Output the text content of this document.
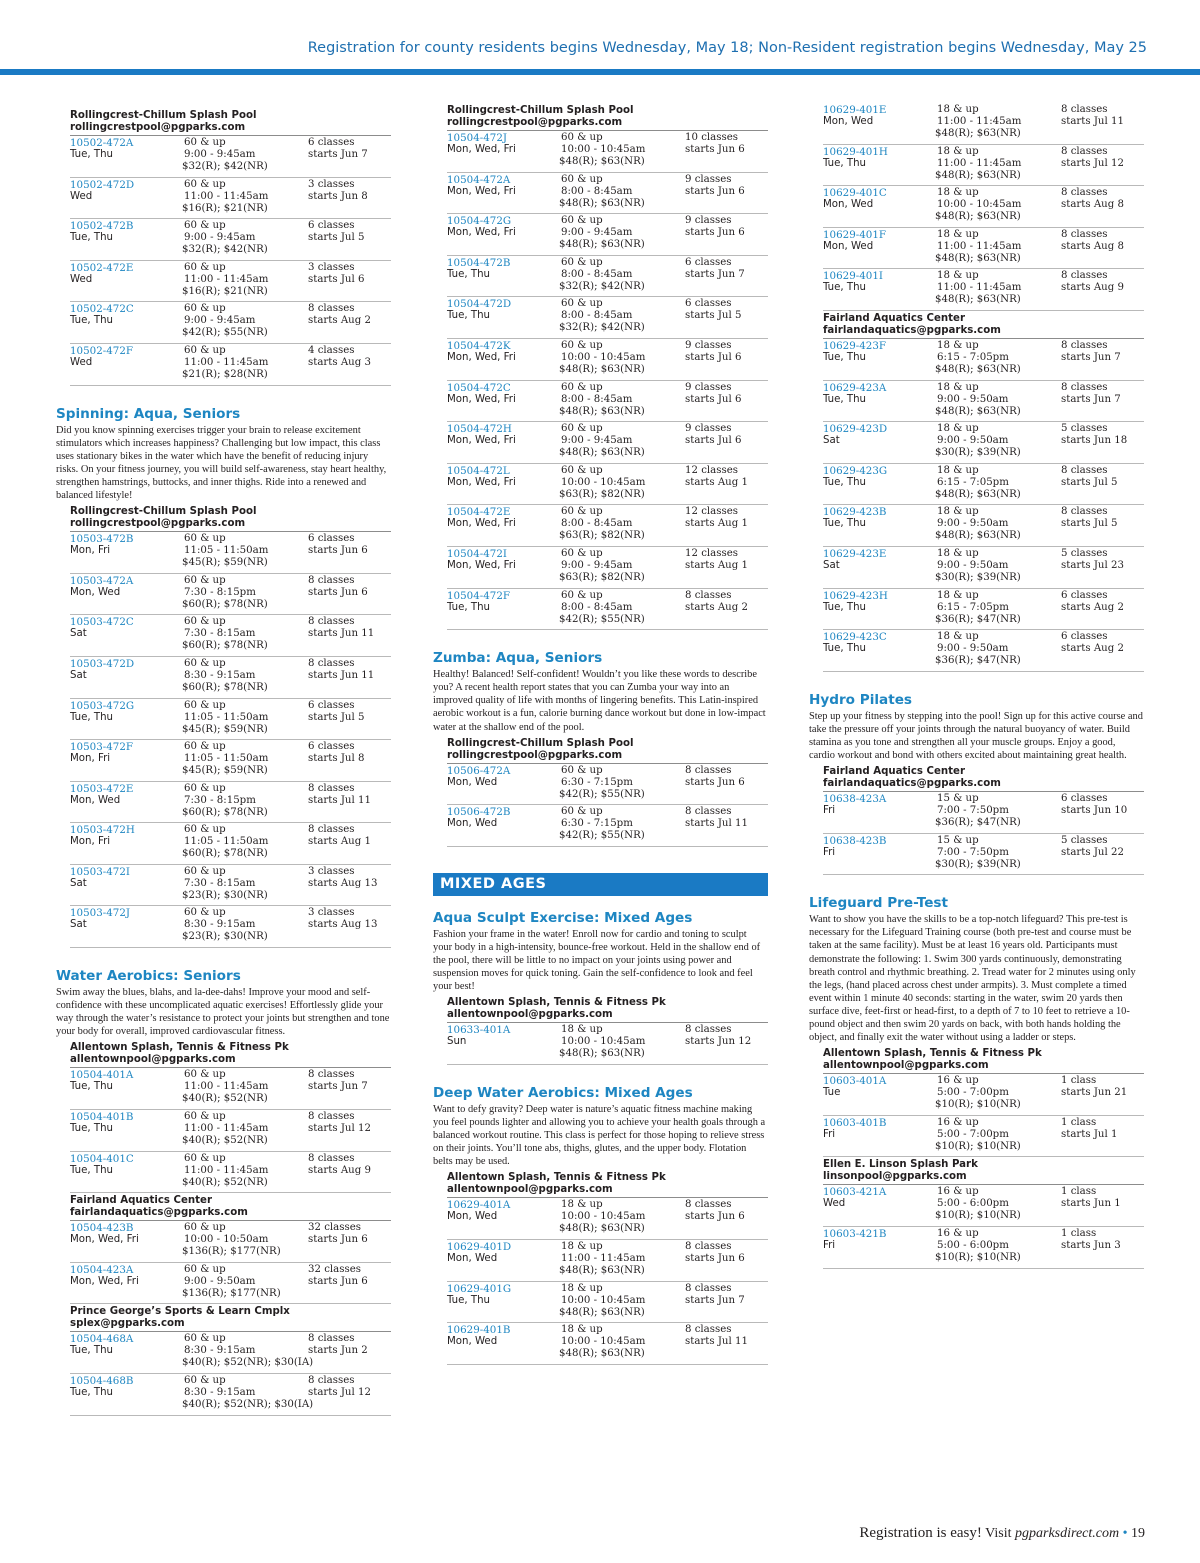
Registration for county residents begins Wednesday, May 18; Non-Resident registration begins Wednesday, May 25
Rollingcrest-Chillum Splash Pool
rollingcrestpool@pgparks.com
10502-472A
Tue, Thu
60 & up
9:00 - 9:45am
$32(R); $42(NR)
6 classes
starts Jun 7
10502-472D
Wed
60 & up
11:00 - 11:45am
$16(R); $21(NR)
3 classes
starts Jun 8
10502-472B
Tue, Thu
60 & up
9:00 - 9:45am
$32(R); $42(NR)
6 classes
starts Jul 5
10502-472E
Wed
60 & up
11:00 - 11:45am
$16(R); $21(NR)
3 classes
starts Jul 6
10502-472C
Tue, Thu
60 & up
9:00 - 9:45am
$42(R); $55(NR)
8 classes
starts Aug 2
10502-472F
Wed
60 & up
11:00 - 11:45am
$21(R); $28(NR)
4 classes
starts Aug 3
Spinning: Aqua, Seniors
Did you know spinning exercises trigger your brain to release excitement stimulators which increases happiness? Challenging but low impact, this class uses stationary bikes in the water which have the benefit of reducing injury risks. On your fitness journey, you will build self-awareness, stay heart healthy, strengthen hamstrings, buttocks, and inner thighs. Ride into a renewed and balanced lifestyle!
Rollingcrest-Chillum Splash Pool
rollingcrestpool@pgparks.com
10503-472B
Mon, Fri
60 & up
11:05 - 11:50am
$45(R); $59(NR)
6 classes
starts Jun 6
10503-472A
Mon, Wed
60 & up
7:30 - 8:15pm
$60(R); $78(NR)
8 classes
starts Jun 6
10503-472C
Sat
60 & up
7:30 - 8:15am
$60(R); $78(NR)
8 classes
starts Jun 11
10503-472D
Sat
60 & up
8:30 - 9:15am
$60(R); $78(NR)
8 classes
starts Jun 11
10503-472G
Tue, Thu
60 & up
11:05 - 11:50am
$45(R); $59(NR)
6 classes
starts Jul 5
10503-472F
Mon, Fri
60 & up
11:05 - 11:50am
$45(R); $59(NR)
6 classes
starts Jul 8
10503-472E
Mon, Wed
60 & up
7:30 - 8:15pm
$60(R); $78(NR)
8 classes
starts Jul 11
10503-472H
Mon, Fri
60 & up
11:05 - 11:50am
$60(R); $78(NR)
8 classes
starts Aug 1
10503-472I
Sat
60 & up
7:30 - 8:15am
$23(R); $30(NR)
3 classes
starts Aug 13
10503-472J
Sat
60 & up
8:30 - 9:15am
$23(R); $30(NR)
3 classes
starts Aug 13
Water Aerobics: Seniors
Swim away the blues, blahs, and la-dee-dahs! Improve your mood and self-confidence with these uncomplicated aquatic exercises! Effortlessly glide your way through the water’s resistance to protect your joints but strengthen and tone your body for overall, improved cardiovascular fitness.
Allentown Splash, Tennis & Fitness Pk
allentownpool@pgparks.com
10504-401A
Tue, Thu
60 & up
11:00 - 11:45am
$40(R); $52(NR)
8 classes
starts Jun 7
10504-401B
Tue, Thu
60 & up
11:00 - 11:45am
$40(R); $52(NR)
8 classes
starts Jul 12
10504-401C
Tue, Thu
60 & up
11:00 - 11:45am
$40(R); $52(NR)
8 classes
starts Aug 9
Fairland Aquatics Centerfairlandaquatics@pgparks.com
10504-423B
Mon, Wed, Fri
60 & up
10:00 - 10:50am
$136(R); $177(NR)
32 classes
starts Jun 6
10504-423A
Mon, Wed, Fri
60 & up
9:00 - 9:50am
$136(R); $177(NR)
32 classes
starts Jun 6
Prince George’s Sports & Learn Cmplx
splex@pgparks.com
10504-468A
Tue, Thu
60 & up
8:30 - 9:15am
$40(R); $52(NR); $30(IA)
8 classes
starts Jun 2
10504-468B
Tue, Thu
60 & up
8:30 - 9:15am
$40(R); $52(NR); $30(IA)
8 classes
starts Jul 12
Rollingcrest-Chillum Splash Pool
rollingcrestpool@pgparks.com
10504-472J
Mon, Wed, Fri
60 & up
10:00 - 10:45am
$48(R); $63(NR)
10 classes
starts Jun 6
10504-472A
Mon, Wed, Fri
60 & up
8:00 - 8:45am
$48(R); $63(NR)
9 classes
starts Jun 6
10504-472G
Mon, Wed, Fri
60 & up
9:00 - 9:45am
$48(R); $63(NR)
9 classes
starts Jun 6
10504-472B
Tue, Thu
60 & up
8:00 - 8:45am
$32(R); $42(NR)
6 classes
starts Jun 7
10504-472D
Tue, Thu
60 & up
8:00 - 8:45am
$32(R); $42(NR)
6 classes
starts Jul 5
10504-472K
Mon, Wed, Fri
60 & up
10:00 - 10:45am
$48(R); $63(NR)
9 classes
starts Jul 6
10504-472C
Mon, Wed, Fri
60 & up
8:00 - 8:45am
$48(R); $63(NR)
9 classes
starts Jul 6
10504-472H
Mon, Wed, Fri
60 & up
9:00 - 9:45am
$48(R); $63(NR)
9 classes
starts Jul 6
10504-472L
Mon, Wed, Fri
60 & up
10:00 - 10:45am
$63(R); $82(NR)
12 classes
starts Aug 1
10504-472E
Mon, Wed, Fri
60 & up
8:00 - 8:45am
$63(R); $82(NR)
12 classes
starts Aug 1
10504-472I
Mon, Wed, Fri
60 & up
9:00 - 9:45am
$63(R); $82(NR)
12 classes
starts Aug 1
10504-472F
Tue, Thu
60 & up
8:00 - 8:45am
$42(R); $55(NR)
8 classes
starts Aug 2
Zumba: Aqua, Seniors
Healthy! Balanced! Self-confident! Wouldn’t you like these words to describe you? A recent health report states that you can Zumba your way into an improved quality of life with months of lingering benefits. This Latin-inspired aerobic workout is a fun, calorie burning dance workout but done in low-impact water at the shallow end of the pool.
Rollingcrest-Chillum Splash Pool
rollingcrestpool@pgparks.com
10506-472A
Mon, Wed
60 & up
6:30 - 7:15pm
$42(R); $55(NR)
8 classes
starts Jun 6
10506-472B
Mon, Wed
60 & up
6:30 - 7:15pm
$42(R); $55(NR)
8 classes
starts Jul 11
MIXED AGES
Aqua Sculpt Exercise: Mixed Ages
Fashion your frame in the water! Enroll now for cardio and toning to sculpt your body in a high-intensity, bounce-free workout. Held in the shallow end of the pool, there will be little to no impact on your joints using power and suspension moves for quick toning. Gain the self-confidence to look and feel your best!
Allentown Splash, Tennis & Fitness Pk
allentownpool@pgparks.com
10633-401A
Sun
18 & up
10:00 - 10:45am
$48(R); $63(NR)
8 classes
starts Jun 12
Deep Water Aerobics: Mixed Ages
Want to defy gravity? Deep water is nature’s aquatic fitness machine making you feel pounds lighter and allowing you to achieve your health goals through a balanced workout routine. This class is perfect for those hoping to relieve stress on their joints. You’ll tone abs, thighs, glutes, and the upper body. Flotation belts may be used.
Allentown Splash, Tennis & Fitness Pk
allentownpool@pgparks.com
10629-401A
Mon, Wed
18 & up
10:00 - 10:45am
$48(R); $63(NR)
8 classes
starts Jun 6
10629-401D
Mon, Wed
18 & up
11:00 - 11:45am
$48(R); $63(NR)
8 classes
starts Jun 6
10629-401G
Tue, Thu
18 & up
10:00 - 10:45am
$48(R); $63(NR)
8 classes
starts Jun 7
10629-401B
Mon, Wed
18 & up
10:00 - 10:45am
$48(R); $63(NR)
8 classes
starts Jul 11
10629-401E
Mon, Wed
18 & up
11:00 - 11:45am
$48(R); $63(NR)
8 classes
starts Jul 11
10629-401H
Tue, Thu
18 & up
11:00 - 11:45am
$48(R); $63(NR)
8 classes
starts Jul 12
10629-401C
Mon, Wed
18 & up
10:00 - 10:45am
$48(R); $63(NR)
8 classes
starts Aug 8
10629-401F
Mon, Wed
18 & up
11:00 - 11:45am
$48(R); $63(NR)
8 classes
starts Aug 8
10629-401I
Tue, Thu
18 & up
11:00 - 11:45am
$48(R); $63(NR)
8 classes
starts Aug 9
Fairland Aquatics Centerfairlandaquatics@pgparks.com
10629-423F
Tue, Thu
18 & up
6:15 - 7:05pm
$48(R); $63(NR)
8 classes
starts Jun 7
10629-423A
Tue, Thu
18 & up
9:00 - 9:50am
$48(R); $63(NR)
8 classes
starts Jun 7
10629-423D
Sat
18 & up
9:00 - 9:50am
$30(R); $39(NR)
5 classes
starts Jun 18
10629-423G
Tue, Thu
18 & up
6:15 - 7:05pm
$48(R); $63(NR)
8 classes
starts Jul 5
10629-423B
Tue, Thu
18 & up
9:00 - 9:50am
$48(R); $63(NR)
8 classes
starts Jul 5
10629-423E
Sat
18 & up
9:00 - 9:50am
$30(R); $39(NR)
5 classes
starts Jul 23
10629-423H
Tue, Thu
18 & up
6:15 - 7:05pm
$36(R); $47(NR)
6 classes
starts Aug 2
10629-423C
Tue, Thu
18 & up
9:00 - 9:50am
$36(R); $47(NR)
6 classes
starts Aug 2
Hydro Pilates
Step up your fitness by stepping into the pool! Sign up for this active course and take the pressure off your joints through the natural buoyancy of water. Build stamina as you tone and strengthen all your muscle groups. Enjoy a good, cardio workout and bond with others excited about maintaining great health.
Fairland Aquatics Centerfairlandaquatics@pgparks.com
10638-423A
Fri
15 & up
7:00 - 7:50pm
$36(R); $47(NR)
6 classes
starts Jun 10
10638-423B
Fri
15 & up
7:00 - 7:50pm
$30(R); $39(NR)
5 classes
starts Jul 22
Lifeguard Pre-Test
Want to show you have the skills to be a top-notch lifeguard? This pre-test is necessary for the Lifeguard Training course (both pre-test and course must be taken at the same facility). Must be at least 16 years old. Participants must demonstrate the following: 1. Swim 300 yards continuously, demonstrating breath control and rhythmic breathing. 2. Tread water for 2 minutes using only the legs, (hand placed across chest under armpits). 3. Must complete a timed event within 1 minute 40 seconds: starting in the water, swim 20 yards then surface dive, feet-first or head-first, to a depth of 7 to 10 feet to retrieve a 10-pound object and then swim 20 yards on back, with both hands holding the object, and finally exit the water without using a ladder or steps.
Allentown Splash, Tennis & Fitness Pk
allentownpool@pgparks.com
10603-401A
Tue
16 & up
5:00 - 7:00pm
$10(R); $10(NR)
1 class
starts Jun 21
10603-401B
Fri
16 & up
5:00 - 7:00pm
$10(R); $10(NR)
1 class
starts Jul 1
Ellen E. Linson Splash Parklinsonpool@pgparks.com
10603-421A
Wed
16 & up
5:00 - 6:00pm
$10(R); $10(NR)
1 class
starts Jun 1
10603-421B
Fri
16 & up
5:00 - 6:00pm
$10(R); $10(NR)
1 class
starts Jun 3
Registration is easy! Visit pgparksdirect.com • 19
